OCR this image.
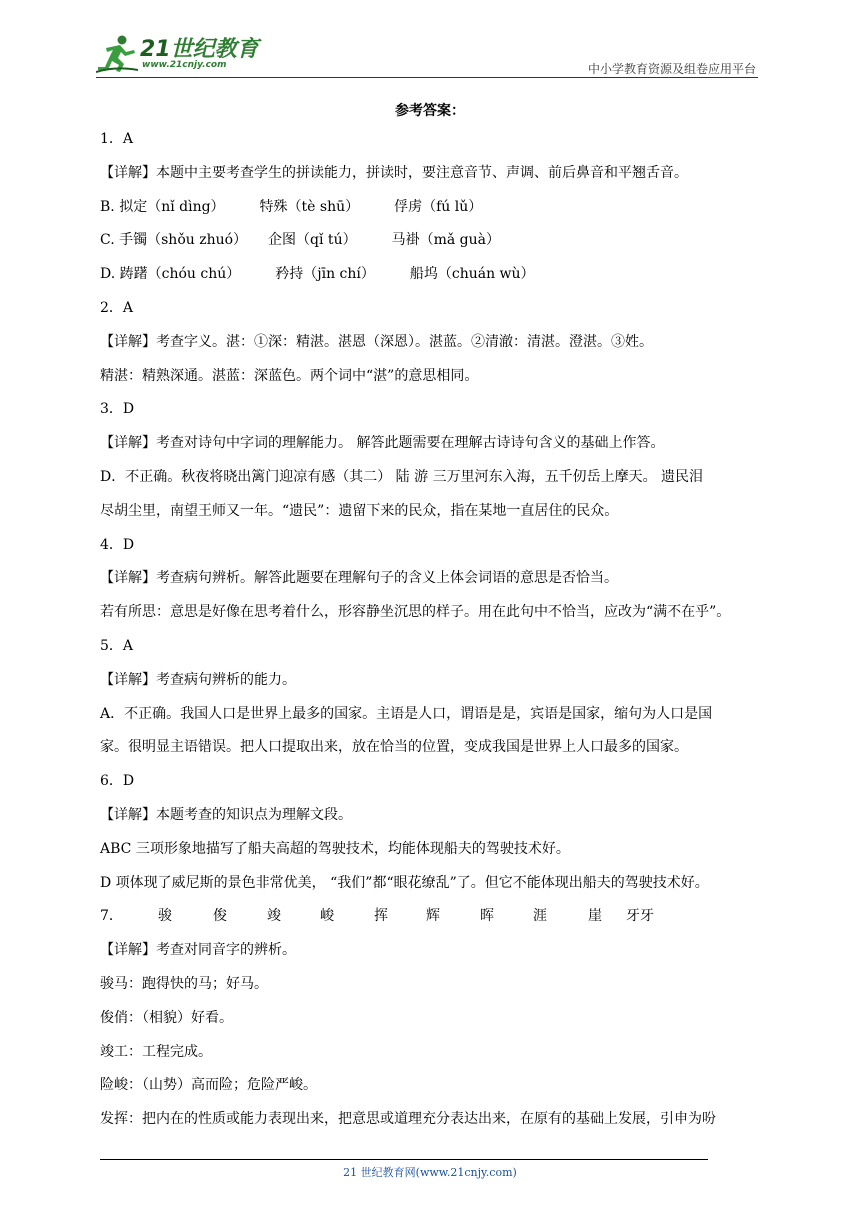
21世纪教育
www.21cnjy.com	中小学教育资源及组卷应用平台
参考答案：
1．A
【详解】本题中主要考查学生的拼读能力，拼读时，要注意音节、声调、前后鼻音和平翘舌音。
B. 拟定（nǐ dìng）　　　特殊（tè shū）　　　俘虏（fú lǔ）
C. 手镯（shǒu zhuó）　　企图（qǐ tú）　　　马褂（mǎ guà）
D. 踌躇（chóu chú）　　　矜持（jīn chí）　　　船坞（chuán wù）
2．A
【详解】考查字义。湛：①深：精湛。湛恩（深恩）。湛蓝。②清澈：清湛。澄湛。③姓。
精湛：精熟深通。湛蓝：深蓝色。两个词中“湛”的意思相同。
3．D
【详解】考查对诗句中字词的理解能力。 解答此题需要在理解古诗诗句含义的基础上作答。
D．不正确。秋夜将晓出篱门迎凉有感（其二） 陆 游 三万里河东入海，五千仞岳上摩天。 遗民泪
尽胡尘里，南望王师又一年。“遗民”：遗留下来的民众，指在某地一直居住的民众。
4．D
【详解】考查病句辨析。解答此题要在理解句子的含义上体会词语的意思是否恰当。
若有所思：意思是好像在思考着什么，形容静坐沉思的样子。用在此句中不恰当，应改为“满不在乎”。
5．A
【详解】考查病句辨析的能力。
A．不正确。我国人口是世界上最多的国家。主语是人口，谓语是是，宾语是国家，缩句为人口是国
家。很明显主语错误。把人口提取出来，放在恰当的位置，变成我国是世界上人口最多的国家。
6．D
【详解】本题考查的知识点为理解文段。
ABC 三项形象地描写了船夫高超的驾驶技术，均能体现船夫的驾驶技术好。
D 项体现了威尼斯的景色非常优美， “我们”都“眼花缭乱”了。但它不能体现出船夫的驾驶技术好。
7．	骏	俊	竣	峻	挥	辉	晖	涯	崖 牙牙
【详解】考查对同音字的辨析。
骏马：跑得快的马；好马。
俊俏：（相貌）好看。
竣工：工程完成。
险峻：（山势）高而险；危险严峻。
发挥：把内在的性质或能力表现出来，把意思或道理充分表达出来，在原有的基础上发展，引申为吩
21 世纪教育网(www.21cnjy.com)
